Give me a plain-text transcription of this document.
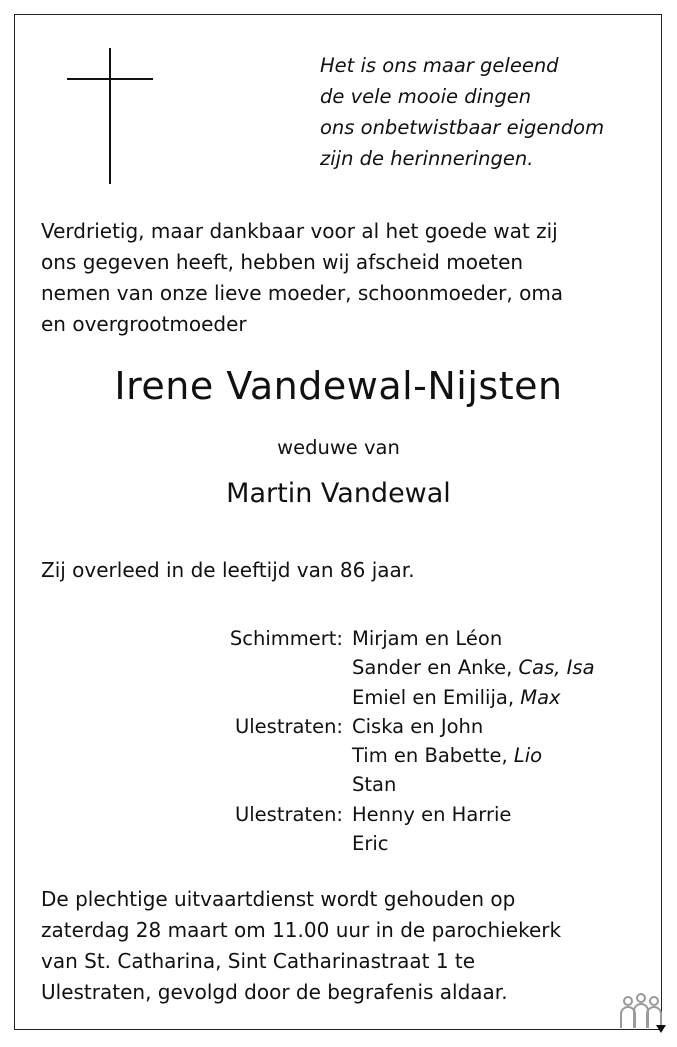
Het is ons maar geleend
de vele mooie dingen
ons onbetwistbaar eigendom
zijn de herinneringen.
Verdrietig, maar dankbaar voor al het goede wat zij
ons gegeven heeft, hebben wij afscheid moeten
nemen van onze lieve moeder, schoonmoeder, oma
en overgrootmoeder
Irene Vandewal-Nijsten
weduwe van
Martin Vandewal
Zij overleed in de leeftijd van 86 jaar.
Schimmert: Mirjam en Léon
Sander en Anke, Cas, Isa
Emiel en Emilija, Max
Ulestraten: Ciska en John
Tim en Babette, Lio
Stan
Ulestraten: Henny en Harrie
Eric
De plechtige uitvaartdienst wordt gehouden op
zaterdag 28 maart om 11.00 uur in de parochiekerk
van St. Catharina, Sint Catharinastraat 1 te
Ulestraten, gevolgd door de begrafenis aldaar.
